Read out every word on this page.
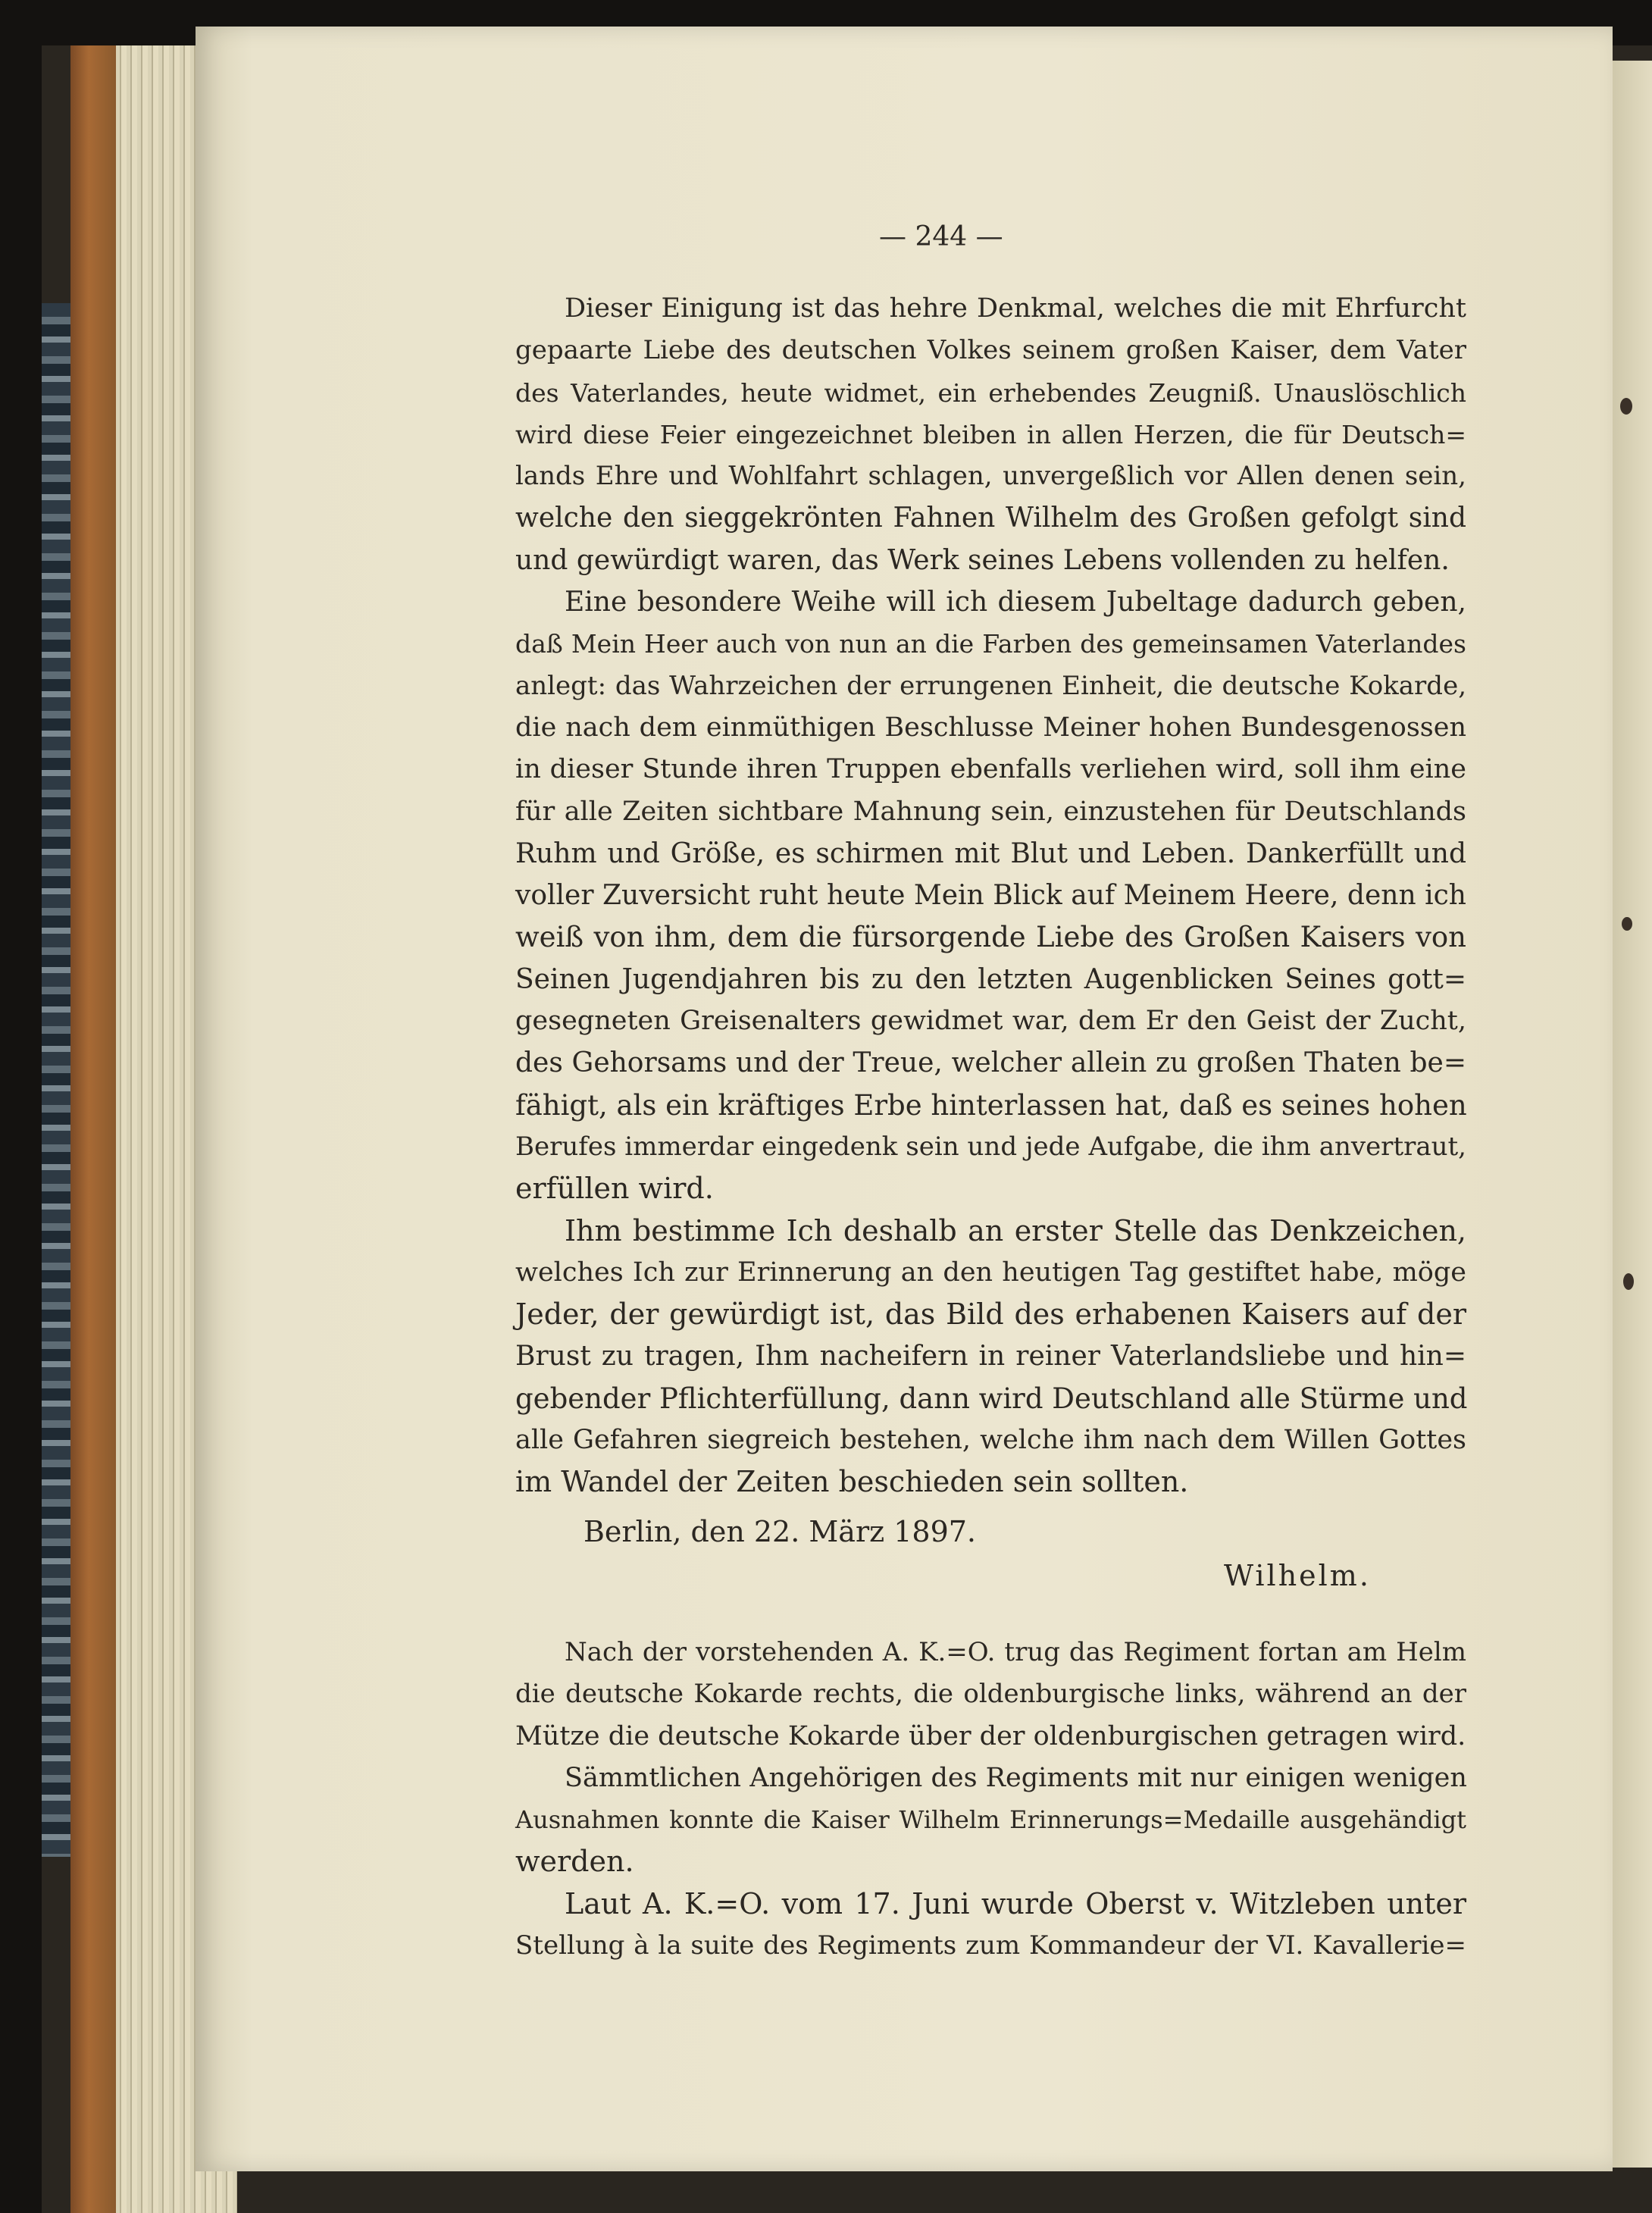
— 244 —
Dieser Einigung ist das hehre Denkmal, welches die mit Ehrfurcht
gepaarte Liebe des deutschen Volkes seinem großen Kaiser, dem Vater
des Vaterlandes, heute widmet, ein erhebendes Zeugniß. Unauslöschlich
wird diese Feier eingezeichnet bleiben in allen Herzen, die für Deutsch=
lands Ehre und Wohlfahrt schlagen, unvergeßlich vor Allen denen sein,
welche den sieggekrönten Fahnen Wilhelm des Großen gefolgt sind
und gewürdigt waren, das Werk seines Lebens vollenden zu helfen.
Eine besondere Weihe will ich diesem Jubeltage dadurch geben,
daß Mein Heer auch von nun an die Farben des gemeinsamen Vaterlandes
anlegt: das Wahrzeichen der errungenen Einheit, die deutsche Kokarde,
die nach dem einmüthigen Beschlusse Meiner hohen Bundesgenossen
in dieser Stunde ihren Truppen ebenfalls verliehen wird, soll ihm eine
für alle Zeiten sichtbare Mahnung sein, einzustehen für Deutschlands
Ruhm und Größe, es schirmen mit Blut und Leben. Dankerfüllt und
voller Zuversicht ruht heute Mein Blick auf Meinem Heere, denn ich
weiß von ihm, dem die fürsorgende Liebe des Großen Kaisers von
Seinen Jugendjahren bis zu den letzten Augenblicken Seines gott=
gesegneten Greisenalters gewidmet war, dem Er den Geist der Zucht,
des Gehorsams und der Treue, welcher allein zu großen Thaten be=
fähigt, als ein kräftiges Erbe hinterlassen hat, daß es seines hohen
Berufes immerdar eingedenk sein und jede Aufgabe, die ihm anvertraut,
erfüllen wird.
Ihm bestimme Ich deshalb an erster Stelle das Denkzeichen,
welches Ich zur Erinnerung an den heutigen Tag gestiftet habe, möge
Jeder, der gewürdigt ist, das Bild des erhabenen Kaisers auf der
Brust zu tragen, Ihm nacheifern in reiner Vaterlandsliebe und hin=
gebender Pflichterfüllung, dann wird Deutschland alle Stürme und
alle Gefahren siegreich bestehen, welche ihm nach dem Willen Gottes
im Wandel der Zeiten beschieden sein sollten.
Berlin, den 22. März 1897.
Wilhelm.
Nach der vorstehenden A. K.=O. trug das Regiment fortan am Helm
die deutsche Kokarde rechts, die oldenburgische links, während an der
Mütze die deutsche Kokarde über der oldenburgischen getragen wird.
Sämmtlichen Angehörigen des Regiments mit nur einigen wenigen
Ausnahmen konnte die Kaiser Wilhelm Erinnerungs=Medaille ausgehändigt
werden.
Laut A. K.=O. vom 17. Juni wurde Oberst v. Witzleben unter
Stellung à la suite des Regiments zum Kommandeur der VI. Kavallerie=
